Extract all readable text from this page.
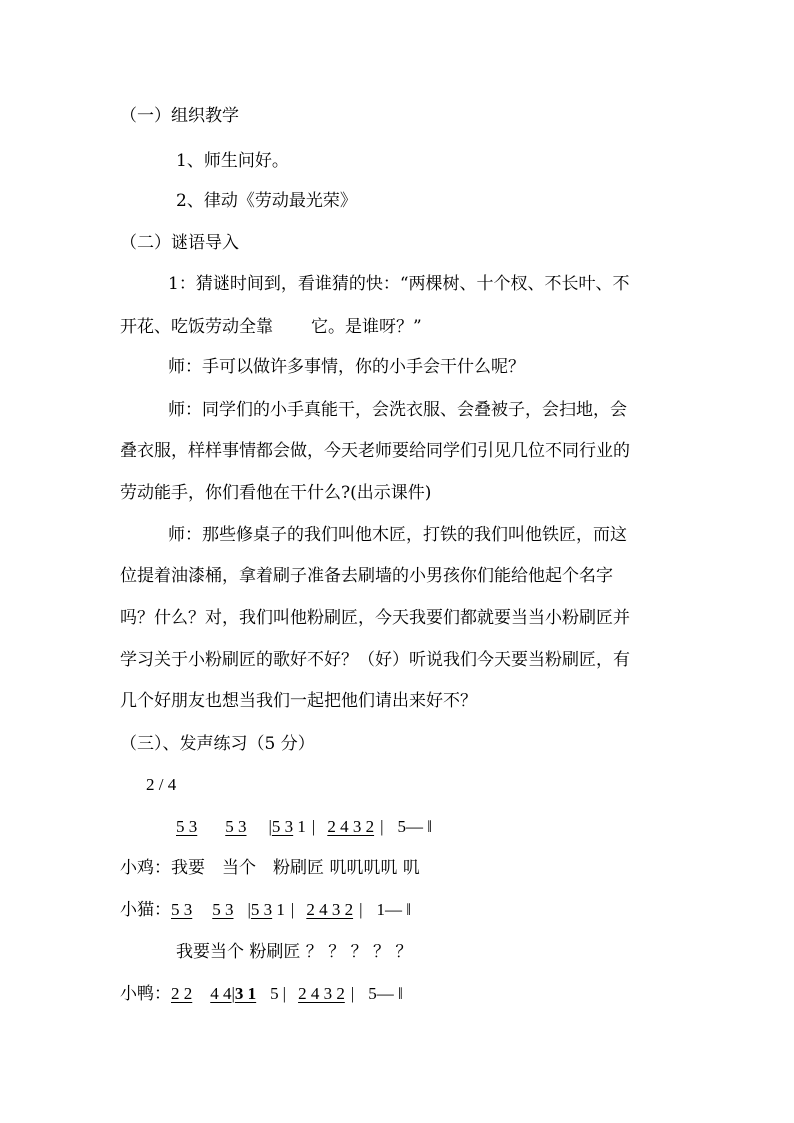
（一）组织教学
1、师生问好。
2、律动《劳动最光荣》
（二）谜语导入
1：猜谜时间到，看谁猜的快：“两棵树、十个杈、不长叶、不
开花、吃饭劳动全靠 它。是谁呀？”
师：手可以做许多事情，你的小手会干什么呢？
师：同学们的小手真能干，会洗衣服、会叠被子，会扫地，会
叠衣服，样样事情都会做，今天老师要给同学们引见几位不同行业的
劳动能手，你们看他在干什么?(出示课件)
师：那些修桌子的我们叫他木匠，打铁的我们叫他铁匠，而这
位提着油漆桶，拿着刷子准备去刷墙的小男孩你们能给他起个名字
吗？什么？对，我们叫他粉刷匠，今天我要们都就要当当小粉刷匠并
学习关于小粉刷匠的歌好不好？（好）听说我们今天要当粉刷匠，有
几个好朋友也想当我们一起把他们请出来好不？
（三）、发声练习（5 分）
2 / 4
5 3 5 3 |5 3 1 | 2 4 3 2 | 5— ‖
小鸡：我要　当个　粉刷匠 叽叽叽叽 叽
小猫：5 3 5 3 |5 3 1 | 2 4 3 2 | 1— ‖
我要当个 粉刷匠 ？ ？ ？ ？ ？
小鸭：2 2 4 4|3 1 5 | 2 4 3 2 | 5— ‖
